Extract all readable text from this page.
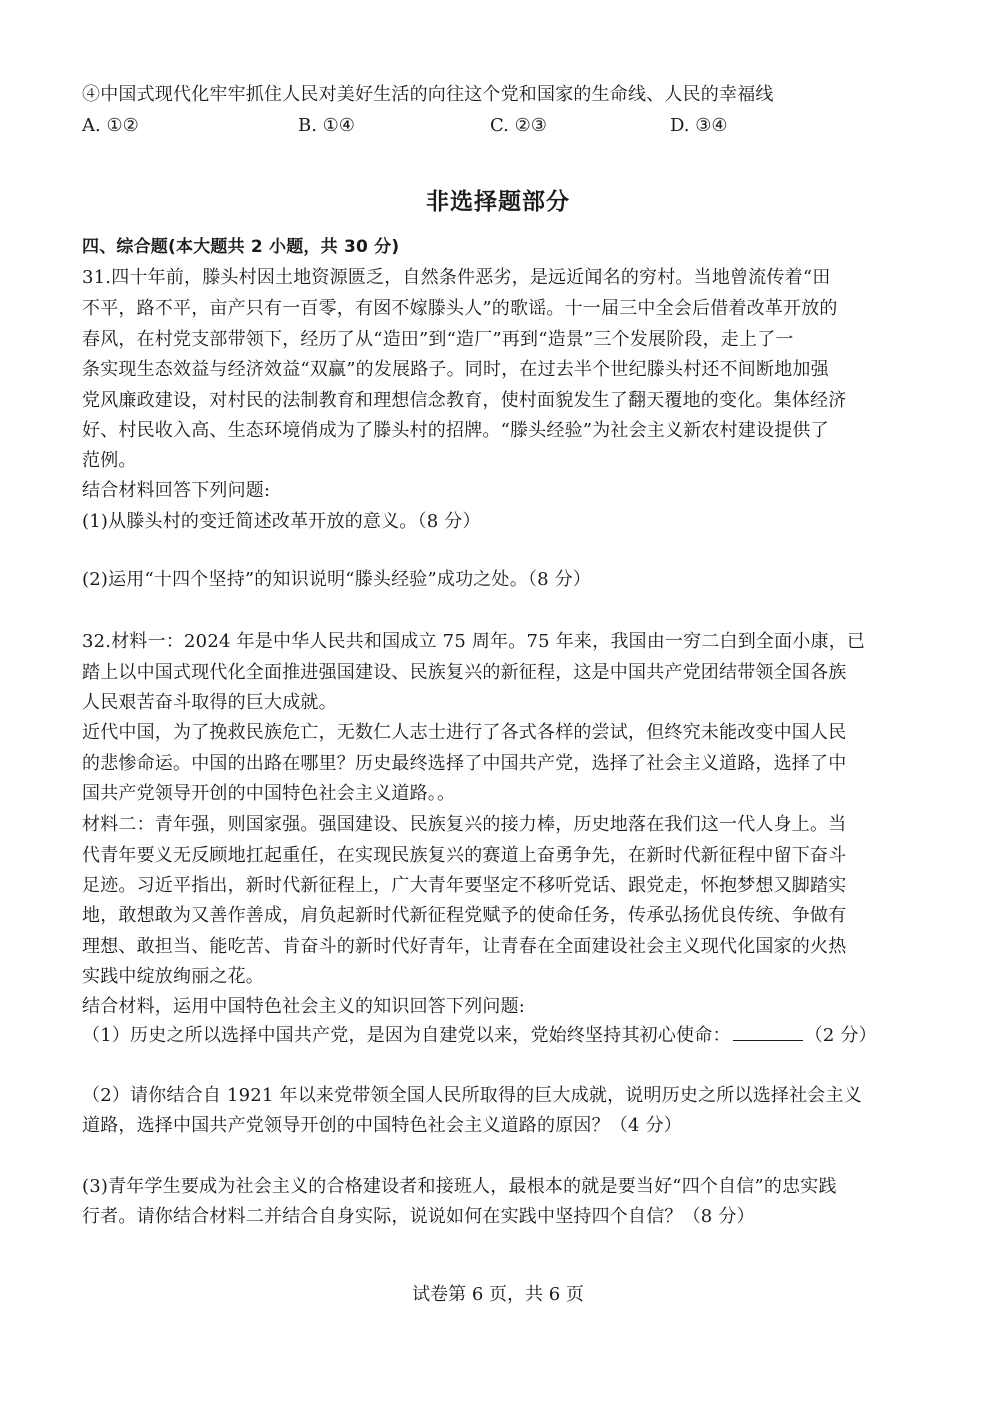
④中国式现代化牢牢抓住人民对美好生活的向往这个党和国家的生命线、人民的幸福线
A. ①②	B. ①④	C. ②③	D. ③④
非选择题部分
四、综合题(本大题共 2 小题，共 30 分)
31.四十年前，滕头村因土地资源匮乏，自然条件恶劣，是远近闻名的穷村。当地曾流传着“田
不平，路不平，亩产只有一百零，有囡不嫁滕头人”的歌谣。十一届三中全会后借着改革开放的
春风，在村党支部带领下，经历了从“造田”到“造厂”再到“造景”三个发展阶段，走上了一
条实现生态效益与经济效益“双赢”的发展路子。同时，在过去半个世纪滕头村还不间断地加强
党风廉政建设，对村民的法制教育和理想信念教育，使村面貌发生了翻天覆地的变化。集体经济
好、村民收入高、生态环境俏成为了滕头村的招牌。“滕头经验”为社会主义新农村建设提供了
范例。
结合材料回答下列问题:
(1)从滕头村的变迁简述改革开放的意义。（8 分）
(2)运用“十四个坚持”的知识说明“滕头经验”成功之处。（8 分）
32.材料一：2024 年是中华人民共和国成立 75 周年。75 年来，我国由一穷二白到全面小康，已
踏上以中国式现代化全面推进强国建设、民族复兴的新征程，这是中国共产党团结带领全国各族
人民艰苦奋斗取得的巨大成就。
近代中国，为了挽救民族危亡，无数仁人志士进行了各式各样的尝试，但终究未能改变中国人民
的悲惨命运。中国的出路在哪里？历史最终选择了中国共产党，选择了社会主义道路，选择了中
国共产党领导开创的中国特色社会主义道路。。
材料二：青年强，则国家强。强国建设、民族复兴的接力棒，历史地落在我们这一代人身上。当
代青年要义无反顾地扛起重任，在实现民族复兴的赛道上奋勇争先，在新时代新征程中留下奋斗
足迹。习近平指出，新时代新征程上，广大青年要坚定不移听党话、跟党走，怀抱梦想又脚踏实
地，敢想敢为又善作善成，肩负起新时代新征程党赋予的使命任务，传承弘扬优良传统、争做有
理想、敢担当、能吃苦、肯奋斗的新时代好青年，让青春在全面建设社会主义现代化国家的火热
实践中绽放绚丽之花。
结合材料，运用中国特色社会主义的知识回答下列问题:
（1）历史之所以选择中国共产党，是因为自建党以来，党始终坚持其初心使命：	（2 分）
（2）请你结合自 1921 年以来党带领全国人民所取得的巨大成就，说明历史之所以选择社会主义
道路，选择中国共产党领导开创的中国特色社会主义道路的原因？（4 分）
(3)青年学生要成为社会主义的合格建设者和接班人，最根本的就是要当好“四个自信”的忠实践
行者。请你结合材料二并结合自身实际，说说如何在实践中坚持四个自信？（8 分）
试卷第 6 页，共 6 页
